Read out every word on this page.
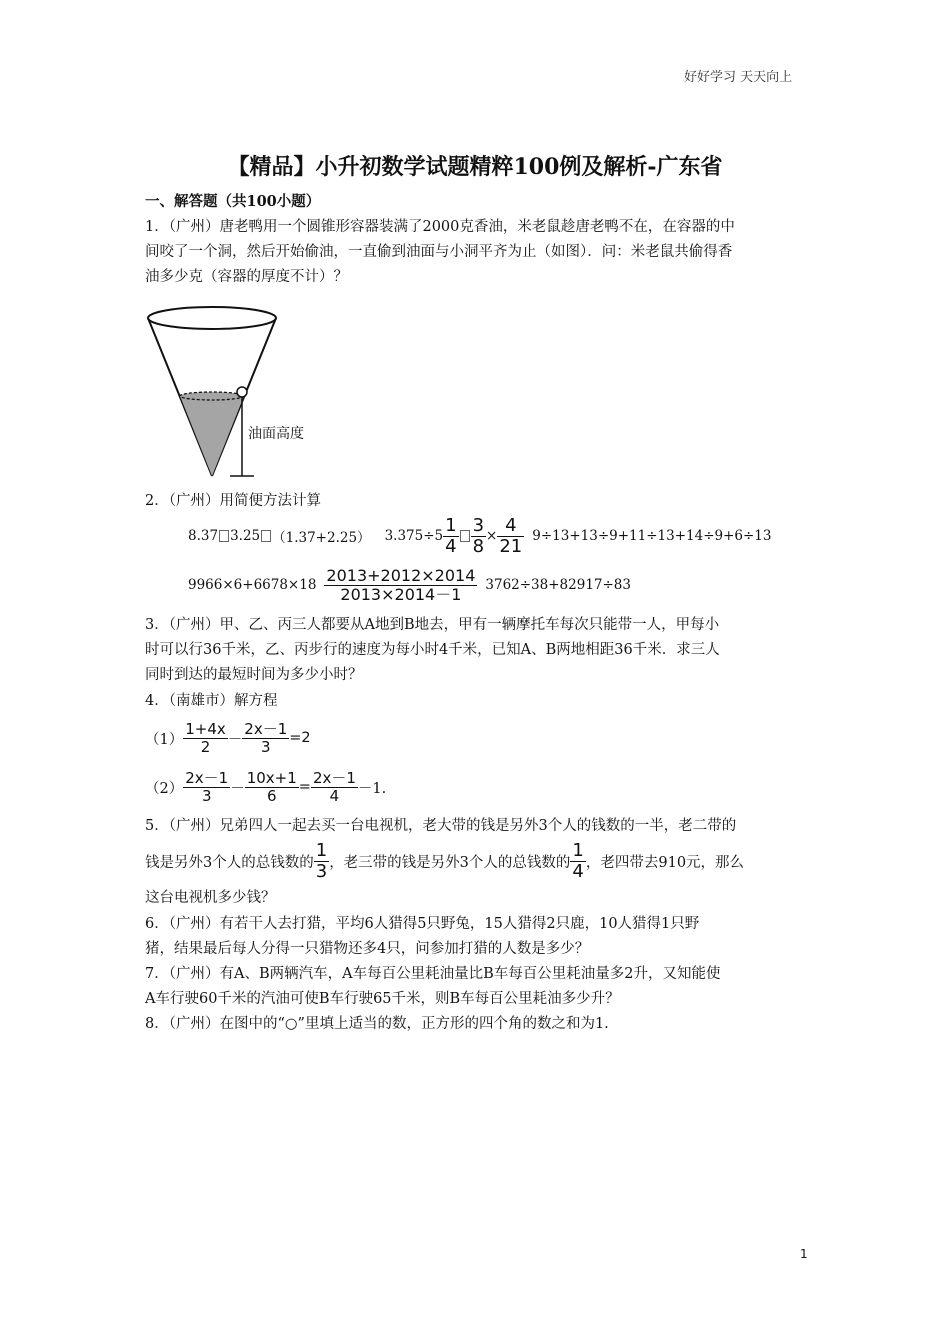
好好学习 天天向上
【精品】小升初数学试题精粹100例及解析-广东省
一、解答题（共100小题）
1．（广州）唐老鸭用一个圆锥形容器装满了2000克香油，米老鼠趁唐老鸭不在，在容器的中
间咬了一个洞，然后开始偷油，一直偷到油面与小洞平齐为止（如图）．问：米老鼠共偷得香
油多少克（容器的厚度不计）？
油面高度
2．（广州）用简便方法计算
8.37 3.25 （1.37+2.25） $3.375\div 5 \frac{1}{4} \frac{3}{8} \times \frac{4}{21} 9\div 13+13\div 9+11\div 13+14\div 9+6\div 13$
$9966\times 6+6678\times 18 \frac{2013+2012\times 2014}{2013\times 2014-1} 3762\div 38+82917\div 83$
3．（广州）甲、乙、丙三人都要从A地到B地去，甲有一辆摩托车每次只能带一人，甲每小
时可以行36千米，乙、丙步行的速度为每小时4千米，已知A、B两地相距36千米．求三人
同时到达的最短时间为多少小时？
4．（南雄市）解方程
$(1) \frac{1+4x}{2} - \frac{2x-1}{3} =2$
$(2) \frac{2x-1}{3} - \frac{10x+1}{6} = \frac{2x-1}{4} -1$.
5．（广州）兄弟四人一起去买一台电视机，老大带的钱是另外3个人的钱数的一半，老二带的
钱是另外3个人的总钱数的 $\frac{1}{3}$ ，老三带的钱是另外3个人的总钱数的 $\frac{1}{4}$ ，老四带去910元，那么
这台电视机多少钱？
6．（广州）有若干人去打猎，平均6人猎得5只野兔，15人猎得2只鹿，10人猎得1只野
猪，结果最后每人分得一只猎物还多4只，问参加打猎的人数是多少？
7．（广州）有A、B两辆汽车，A车每百公里耗油量比B车每百公里耗油量多2升，又知能使
A车行驶60千米的汽油可使B车行驶65千米，则B车每百公里耗油多少升？
8．（广州）在图中的“○”里填上适当的数，正方形的四个角的数之和为1.
1
